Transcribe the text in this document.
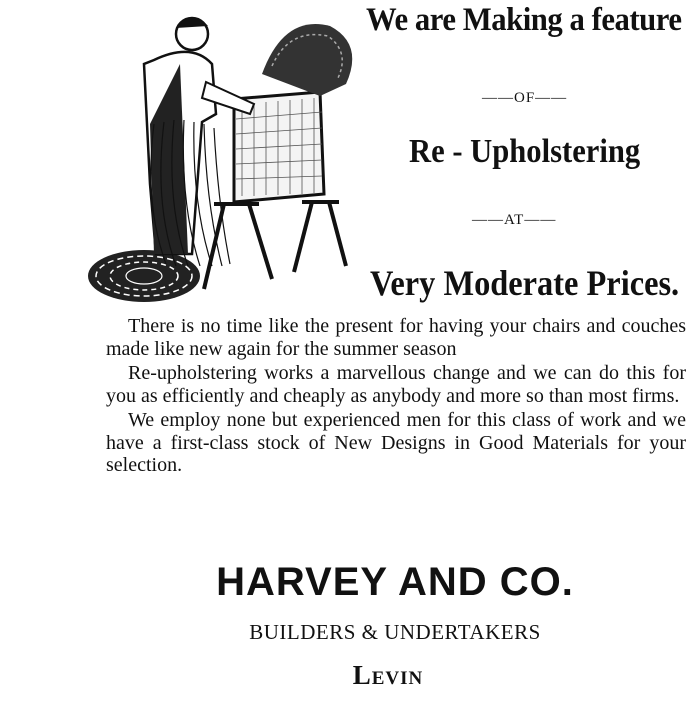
We are Making a feature
——OF——
Re - Upholstering
——AT——
Very Moderate Prices.

There is no time like the present for having your chairs and couches made like new again for the summer season

Re-upholstering works a marvellous change and we can do this for you as efficiently and cheaply as anybody and more so than most firms.

We employ none but experienced men for this class of work and we have a first-class stock of New Designs in Good Materials for your selection.

HARVEY AND CO.
BUILDERS & UNDERTAKERS
Levin
